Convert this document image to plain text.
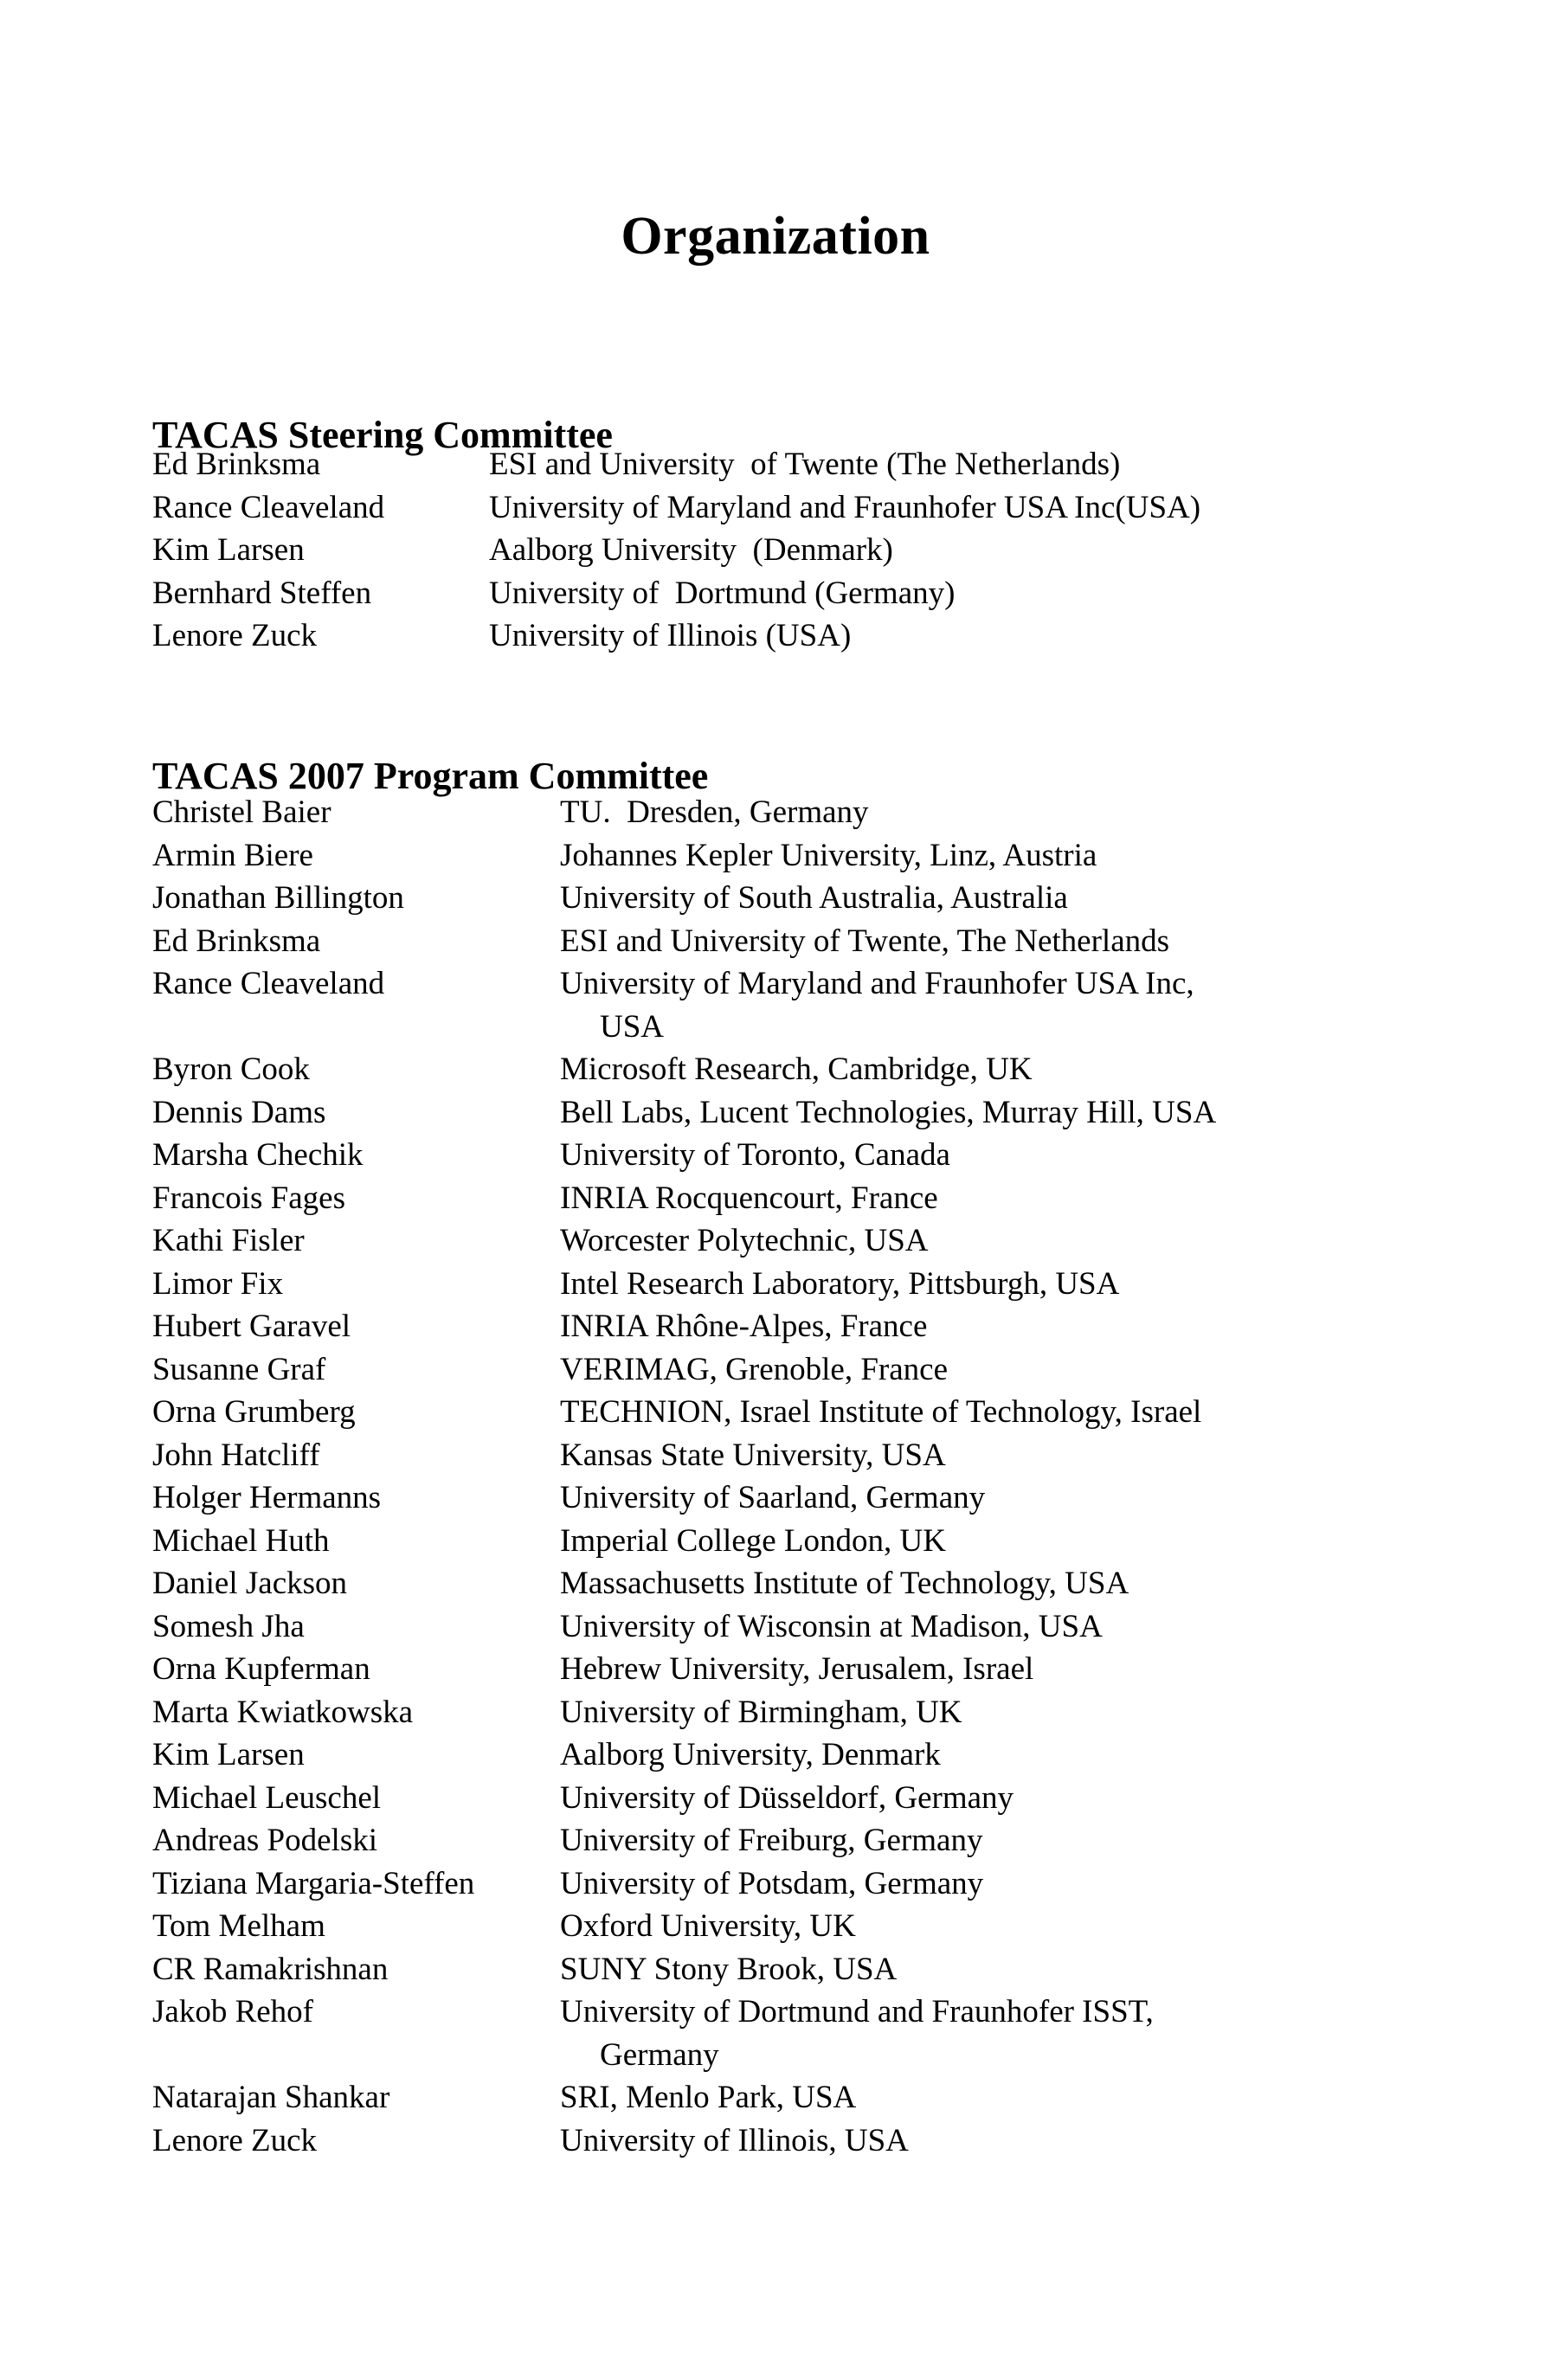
Organization
TACAS Steering Committee
Ed Brinksma	ESI and University  of Twente (The Netherlands)
Rance Cleaveland	University of Maryland and Fraunhofer USA Inc(USA)
Kim Larsen	Aalborg University  (Denmark)
Bernhard Steffen	University of  Dortmund (Germany)
Lenore Zuck	University of Illinois (USA)
TACAS 2007 Program Committee
Christel Baier	TU.  Dresden, Germany
Armin Biere	Johannes Kepler University, Linz, Austria
Jonathan Billington	University of South Australia, Australia
Ed Brinksma	ESI and University of Twente, The Netherlands
Rance Cleaveland	University of Maryland and Fraunhofer USA Inc,
USA
Byron Cook	Microsoft Research, Cambridge, UK
Dennis Dams	Bell Labs, Lucent Technologies, Murray Hill, USA
Marsha Chechik	University of Toronto, Canada
Francois Fages	INRIA Rocquencourt, France
Kathi Fisler	Worcester Polytechnic, USA
Limor Fix	Intel Research Laboratory, Pittsburgh, USA
Hubert Garavel	INRIA Rhône-Alpes, France
Susanne Graf	VERIMAG, Grenoble, France
Orna Grumberg	TECHNION, Israel Institute of Technology, Israel
John Hatcliff	Kansas State University, USA
Holger Hermanns	University of Saarland, Germany
Michael Huth	Imperial College London, UK
Daniel Jackson	Massachusetts Institute of Technology, USA
Somesh Jha	University of Wisconsin at Madison, USA
Orna Kupferman	Hebrew University, Jerusalem, Israel
Marta Kwiatkowska	University of Birmingham, UK
Kim Larsen	Aalborg University, Denmark
Michael Leuschel	University of Düsseldorf, Germany
Andreas Podelski	University of Freiburg, Germany
Tiziana Margaria-Steffen	University of Potsdam, Germany
Tom Melham	Oxford University, UK
CR Ramakrishnan	SUNY Stony Brook, USA
Jakob Rehof	University of Dortmund and Fraunhofer ISST,
Germany
Natarajan Shankar	SRI, Menlo Park, USA
Lenore Zuck	University of Illinois, USA
